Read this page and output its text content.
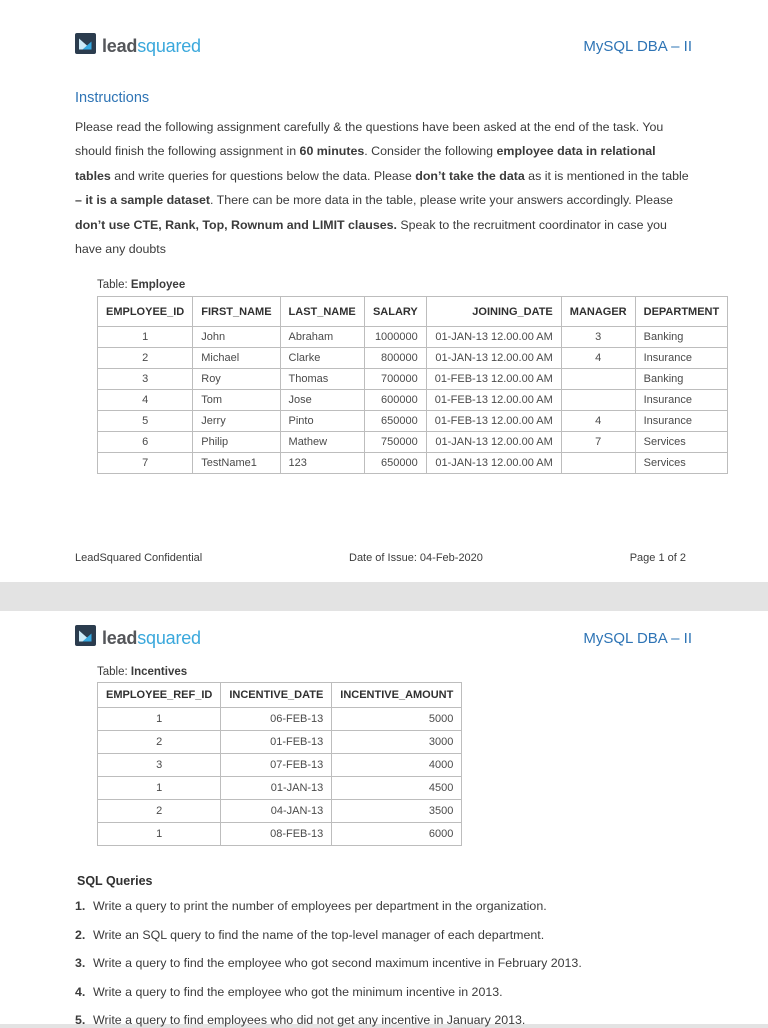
leadsquared	MySQL DBA – II
Instructions
Please read the following assignment carefully & the questions have been asked at the end of the task. You should finish the following assignment in 60 minutes. Consider the following employee data in relational tables and write queries for questions below the data. Please don’t take the data as it is mentioned in the table – it is a sample dataset. There can be more data in the table, please write your answers accordingly. Please don’t use CTE, Rank, Top, Rownum and LIMIT clauses. Speak to the recruitment coordinator in case you have any doubts
Table: Employee
EMPLOYEE_ID	FIRST_NAME	LAST_NAME	SALARY	JOINING_DATE	MANAGER	DEPARTMENT
1	John	Abraham	1000000	01-JAN-13 12.00.00 AM	3	Banking
2	Michael	Clarke	800000	01-JAN-13 12.00.00 AM	4	Insurance
3	Roy	Thomas	700000	01-FEB-13 12.00.00 AM		Banking
4	Tom	Jose	600000	01-FEB-13 12.00.00 AM		Insurance
5	Jerry	Pinto	650000	01-FEB-13 12.00.00 AM	4	Insurance
6	Philip	Mathew	750000	01-JAN-13 12.00.00 AM	7	Services
7	TestName1	123	650000	01-JAN-13 12.00.00 AM		Services
LeadSquared Confidential	Date of Issue: 04-Feb-2020	Page 1 of 2
leadsquared	MySQL DBA – II
Table: Incentives
EMPLOYEE_REF_ID	INCENTIVE_DATE	INCENTIVE_AMOUNT
1	06-FEB-13	5000
2	01-FEB-13	3000
3	07-FEB-13	4000
1	01-JAN-13	4500
2	04-JAN-13	3500
1	08-FEB-13	6000
SQL Queries
1. Write a query to print the number of employees per department in the organization.
2. Write an SQL query to find the name of the top-level manager of each department.
3. Write a query to find the employee who got second maximum incentive in February 2013.
4. Write a query to find the employee who got the minimum incentive in 2013.
5. Write a query to find employees who did not get any incentive in January 2013.
